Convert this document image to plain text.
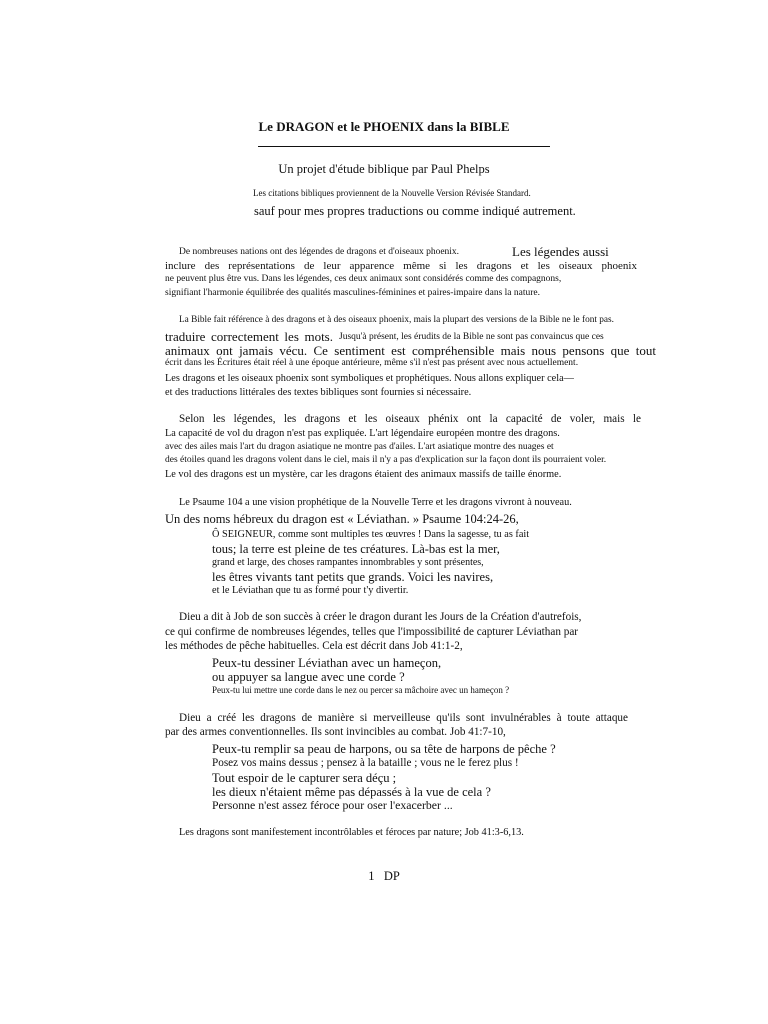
Le DRAGON et le PHOENIX dans la BIBLE
Un projet d'étude biblique par Paul Phelps
Les citations bibliques proviennent de la Nouvelle Version Révisée Standard.
sauf pour mes propres traductions ou comme indiqué autrement.
De nombreuses nations ont des légendes de dragons et d'oiseaux phoenix.	Les légendes aussi
inclure des représentations de leur apparence même si les dragons et les oiseaux phoenix
ne peuvent plus être vus. Dans les légendes, ces deux animaux sont considérés comme des compagnons,
signifiant l'harmonie équilibrée des qualités masculines-féminines et paires-impaire dans la nature.
La Bible fait référence à des dragons et à des oiseaux phoenix, mais la plupart des versions de la Bible ne le font pas.
traduire correctement les mots. Jusqu'à présent, les érudits de la Bible ne sont pas convaincus que ces
animaux ont jamais vécu. Ce sentiment est compréhensible mais nous pensons que tout
écrit dans les Écritures était réel à une époque antérieure, même s'il n'est pas présent avec nous actuellement.
Les dragons et les oiseaux phoenix sont symboliques et prophétiques. Nous allons expliquer cela—
et des traductions littérales des textes bibliques sont fournies si nécessaire.
Selon les légendes, les dragons et les oiseaux phénix ont la capacité de voler, mais le
La capacité de vol du dragon n'est pas expliquée. L'art légendaire européen montre des dragons.
avec des ailes mais l'art du dragon asiatique ne montre pas d'ailes. L'art asiatique montre des nuages et
des étoiles quand les dragons volent dans le ciel, mais il n'y a pas d'explication sur la façon dont ils pourraient voler.
Le vol des dragons est un mystère, car les dragons étaient des animaux massifs de taille énorme.
Le Psaume 104 a une vision prophétique de la Nouvelle Terre et les dragons vivront à nouveau.
Un des noms hébreux du dragon est « Léviathan. » Psaume 104:24-26,
Ô SEIGNEUR, comme sont multiples tes œuvres ! Dans la sagesse, tu as fait
tous; la terre est pleine de tes créatures. Là-bas est la mer,
grand et large, des choses rampantes innombrables y sont présentes,
les êtres vivants tant petits que grands. Voici les navires,
et le Léviathan que tu as formé pour t'y divertir.
Dieu a dit à Job de son succès à créer le dragon durant les Jours de la Création d'autrefois,
ce qui confirme de nombreuses légendes, telles que l'impossibilité de capturer Léviathan par
les méthodes de pêche habituelles. Cela est décrit dans Job 41:1-2,
Peux-tu dessiner Léviathan avec un hameçon,
ou appuyer sa langue avec une corde ?
Peux-tu lui mettre une corde dans le nez ou percer sa mâchoire avec un hameçon ?
Dieu a créé les dragons de manière si merveilleuse qu'ils sont invulnérables à toute attaque
par des armes conventionnelles. Ils sont invincibles au combat. Job 41:7-10,
Peux-tu remplir sa peau de harpons, ou sa tête de harpons de pêche ?
Posez vos mains dessus ; pensez à la bataille ; vous ne le ferez plus !
Tout espoir de le capturer sera déçu ;
les dieux n'étaient même pas dépassés à la vue de cela ?
Personne n'est assez féroce pour oser l'exacerber ...
Les dragons sont manifestement incontrôlables et féroces par nature; Job 41:3-6,13.
1 DP
